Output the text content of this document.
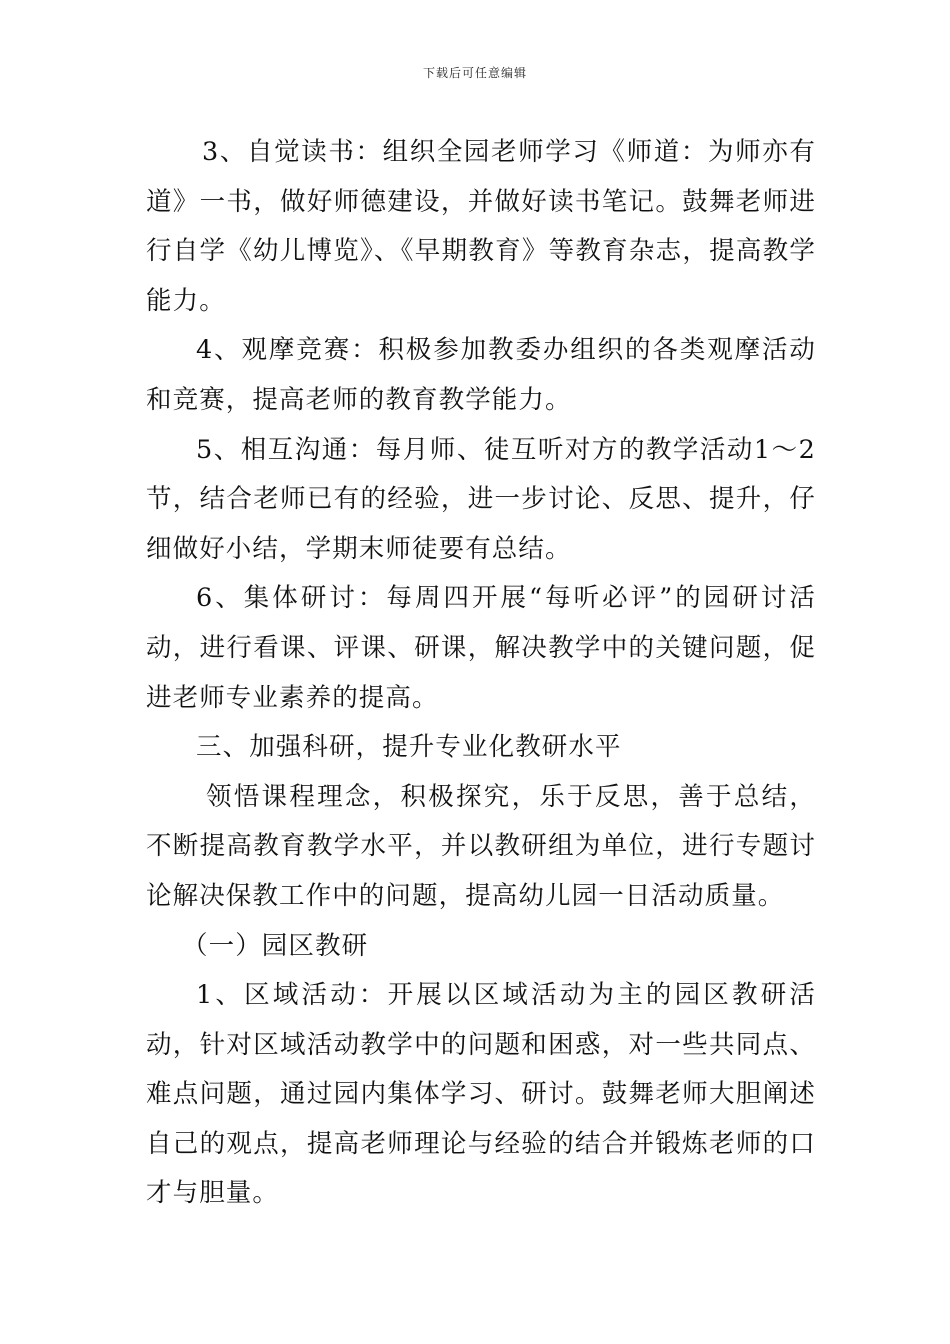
下载后可任意编辑

3、自觉读书：组织全园老师学习《师道：为师亦有道》一书，做好师德建设，并做好读书笔记。鼓舞老师进行自学《幼儿博览》、《早期教育》等教育杂志，提高教学能力。

4、观摩竞赛：积极参加教委办组织的各类观摩活动和竞赛，提高老师的教育教学能力。

5、相互沟通：每月师、徒互听对方的教学活动1～2节，结合老师已有的经验，进一步讨论、反思、提升，仔细做好小结，学期末师徒要有总结。

6、集体研讨：每周四开展“每听必评”的园研讨活动，进行看课、评课、研课，解决教学中的关键问题，促进老师专业素养的提高。

三、加强科研，提升专业化教研水平

领悟课程理念，积极探究，乐于反思，善于总结，不断提高教育教学水平，并以教研组为单位，进行专题讨论解决保教工作中的问题，提高幼儿园一日活动质量。

（一）园区教研

1、区域活动：开展以区域活动为主的园区教研活动，针对区域活动教学中的问题和困惑，对一些共同点、难点问题，通过园内集体学习、研讨。鼓舞老师大胆阐述自己的观点，提高老师理论与经验的结合并锻炼老师的口才与胆量。
